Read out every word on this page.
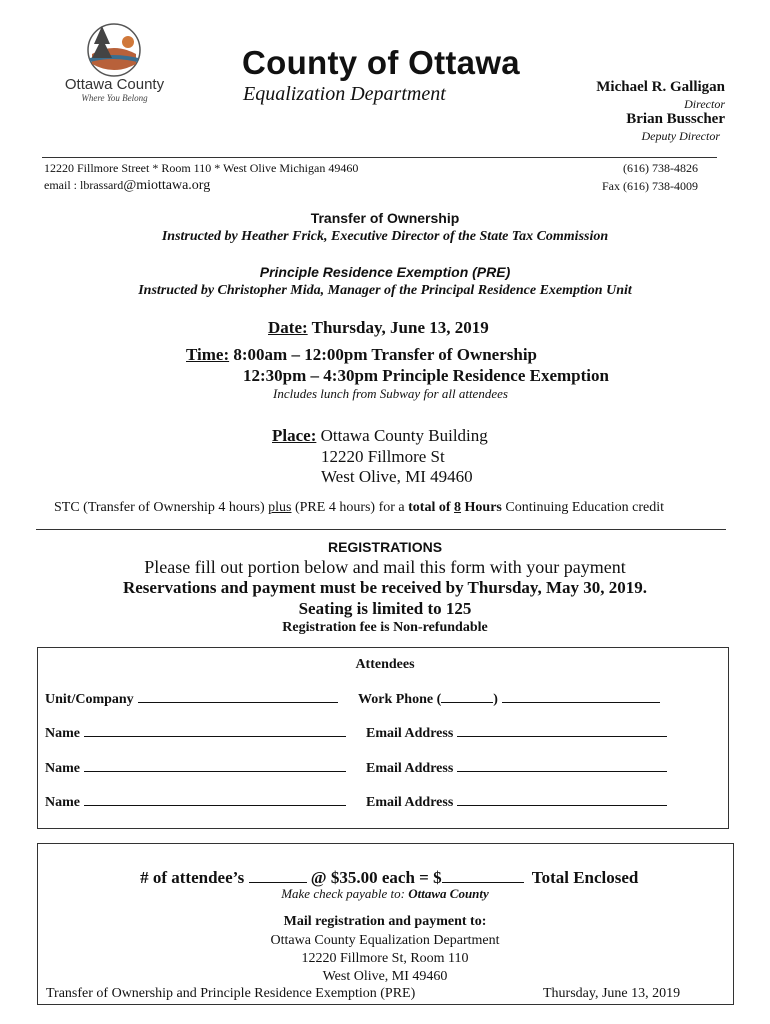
Ottawa County
Where You Belong
County of Ottawa
Equalization Department	Michael R. Galligan
Director
Brian Busscher
Deputy Director
12220 Fillmore Street * Room 110 * West Olive Michigan 49460	(616) 738-4826
email : lbrassard@miottawa.org	Fax (616) 738-4009
Transfer of Ownership
Instructed by Heather Frick, Executive Director of the State Tax Commission
Principle Residence Exemption (PRE)
Instructed by Christopher Mida, Manager of the Principal Residence Exemption Unit
Date: Thursday, June 13, 2019
Time: 8:00am – 12:00pm Transfer of Ownership
12:30pm – 4:30pm Principle Residence Exemption
Includes lunch from Subway for all attendees
Place: Ottawa County Building
12220 Fillmore St
West Olive, MI 49460
STC (Transfer of Ownership 4 hours) plus (PRE 4 hours) for a total of 8 Hours Continuing Education credit
REGISTRATIONS
Please fill out portion below and mail this form with your payment
Reservations and payment must be received by Thursday, May 30, 2019.
Seating is limited to 125
Registration fee is Non-refundable
Attendees
Unit/Company	Work Phone (	)
Name	Email Address
Name	Email Address
Name	Email Address

# of attendee’s	@ $35.00 each = $	Total Enclosed

Make check payable to: Ottawa County
Mail registration and payment to:
Ottawa County Equalization Department
12220 Fillmore St, Room 110
West Olive, MI 49460
Transfer of Ownership and Principle Residence Exemption (PRE)	Thursday, June 13, 2019
